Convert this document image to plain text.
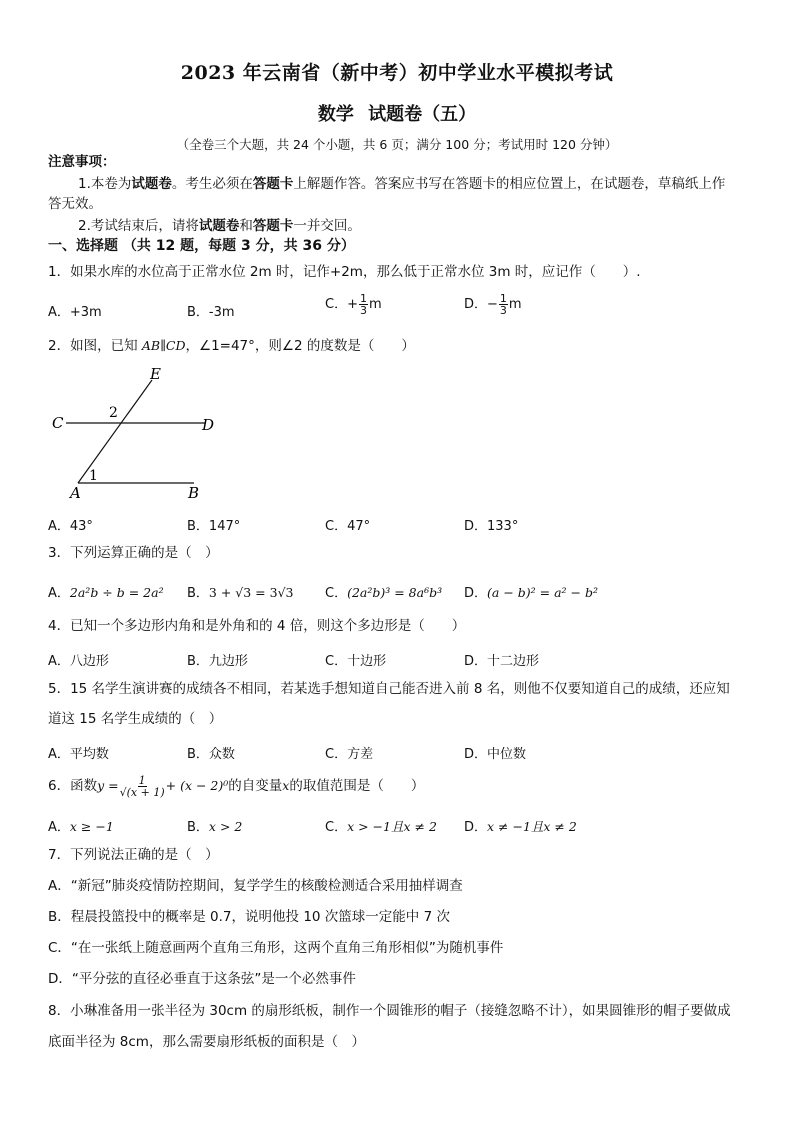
2023 年云南省（新中考）初中学业水平模拟考试
数学 试题卷（五）
（全卷三个大题，共 24 个小题，共 6 页；满分 100 分；考试用时 120 分钟）
注意事项：
1.本卷为试题卷。考生必须在答题卡上解题作答。答案应书写在答题卡的相应位置上，在试题卷，草稿纸上作
答无效。
2.考试结束后，请将试题卷和答题卡一并交回。
一、选择题 （共 12 题，每题 3 分，共 36 分）
1．如果水库的水位高于正常水位 2m 时，记作+2m，那么低于正常水位 3m 时，应记作（　　）.
A．+3m	B．-3m
C．+ $\frac{1}{3}$ m	D．− $\frac{1}{3}$ m
2．如图，已知 AB∥CD，∠1=47°，则∠2 的度数是（　　）
E
C	D
A	B
1
2
A．43°	B．147°	C．47°	D．133°
3．下列运算正确的是（　）
A．2a²b ÷ b = 2a² B．3 + √3 = 3√3 C．(2a²b)³ = 8a⁶b³ D．(a − b)² = a² − b²
4．已知一个多边形内角和是外角和的 4 倍，则这个多边形是（　　）
A．八边形	B．九边形	C．十边形	D．十二边形
5．15 名学生演讲赛的成绩各不相同，若某选手想知道自己能否进入前 8 名，则他不仅要知道自己的成绩，还应知
道这 15 名学生成绩的（　）
A．平均数	B．众数	C．方差	D．中位数
6．函数$y = \frac{1}{√(x + 1)} + (x - 2)^0$的自变量x的取值范围是（　　）
A．x ≥ −1	B．x > 2	C．x > −1且x ≠ 2 D．x ≠ −1且x ≠ 2
7．下列说法正确的是（　）
A．“新冠”肺炎疫情防控期间，复学学生的核酸检测适合采用抽样调查
B．程晨投篮投中的概率是 0.7，说明他投 10 次篮球一定能中 7 次
C．“在一张纸上随意画两个直角三角形，这两个直角三角形相似”为随机事件
D．“平分弦的直径必垂直于这条弦”是一个必然事件
8．小琳准备用一张半径为 30cm 的扇形纸板，制作一个圆锥形的帽子（接缝忽略不计），如果圆锥形的帽子要做成
底面半径为 8cm，那么需要扇形纸板的面积是（　）
